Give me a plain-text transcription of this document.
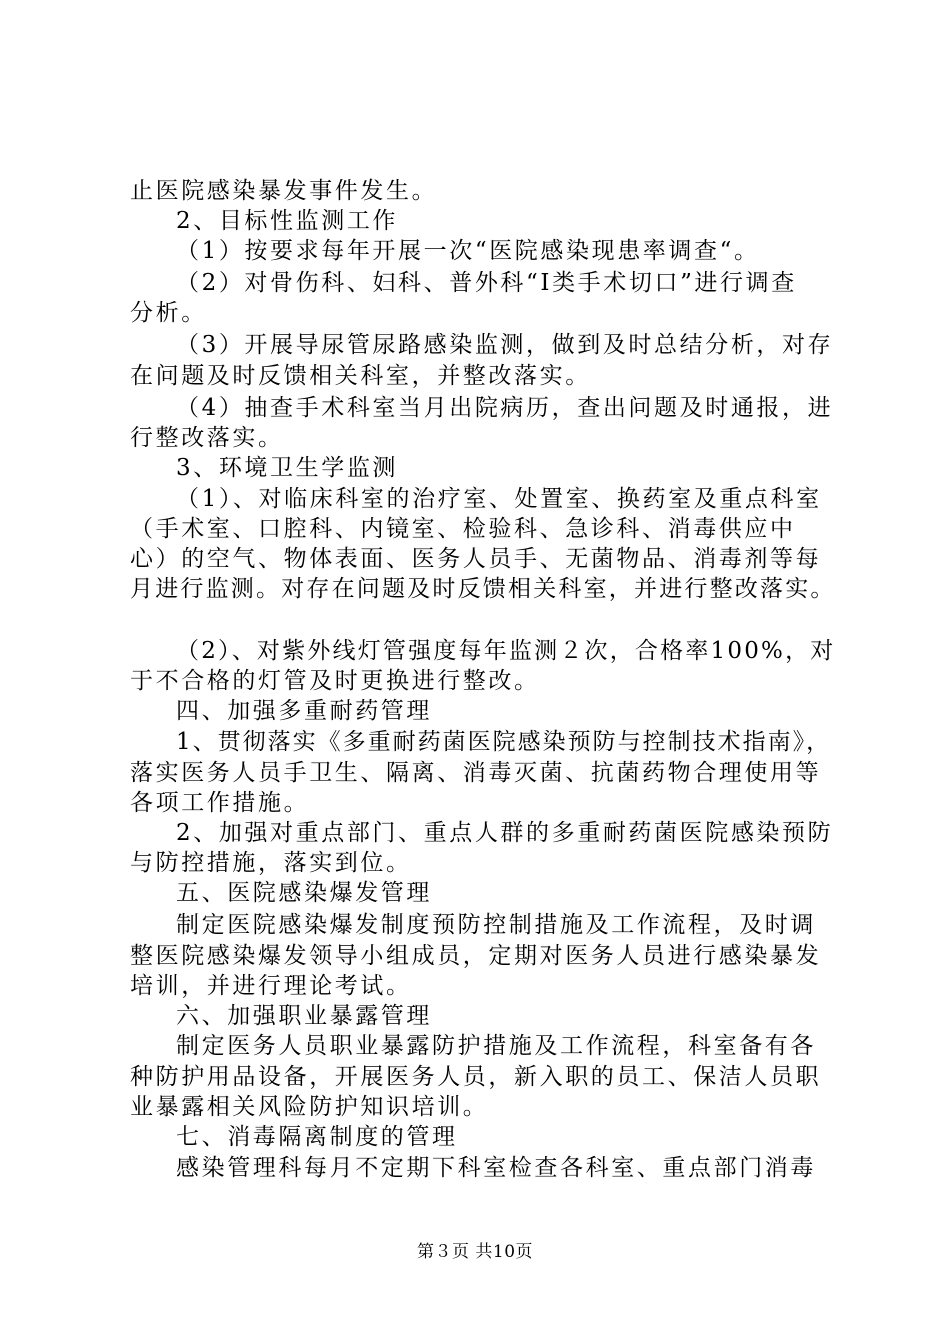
止医院感染暴发事件发生。
2、目标性监测工作
（1）按要求每年开展一次“医院感染现患率调查“。
（2）对骨伤科、妇科、普外科“Ⅰ类手术切口”进行调查
分析。
（3）开展导尿管尿路感染监测，做到及时总结分析，对存
在问题及时反馈相关科室，并整改落实。
（4）抽查手术科室当月出院病历，查出问题及时通报，进
行整改落实。
3、环境卫生学监测
（1）、对临床科室的治疗室、处置室、换药室及重点科室
（手术室、口腔科、内镜室、检验科、急诊科、消毒供应中
心）的空气、物体表面、医务人员手、无菌物品、消毒剂等每
月进行监测。对存在问题及时反馈相关科室，并进行整改落实。
（2）、对紫外线灯管强度每年监测２次，合格率100%，对
于不合格的灯管及时更换进行整改。
四、加强多重耐药管理
1、贯彻落实《多重耐药菌医院感染预防与控制技术指南》，
落实医务人员手卫生、隔离、消毒灭菌、抗菌药物合理使用等
各项工作措施。
2、加强对重点部门、重点人群的多重耐药菌医院感染预防
与防控措施，落实到位。
五、医院感染爆发管理
制定医院感染爆发制度预防控制措施及工作流程，及时调
整医院感染爆发领导小组成员，定期对医务人员进行感染暴发
培训，并进行理论考试。
六、加强职业暴露管理
制定医务人员职业暴露防护措施及工作流程，科室备有各
种防护用品设备，开展医务人员，新入职的员工、保洁人员职
业暴露相关风险防护知识培训。
七、消毒隔离制度的管理
感染管理科每月不定期下科室检查各科室、重点部门消毒
第３页 共10页
